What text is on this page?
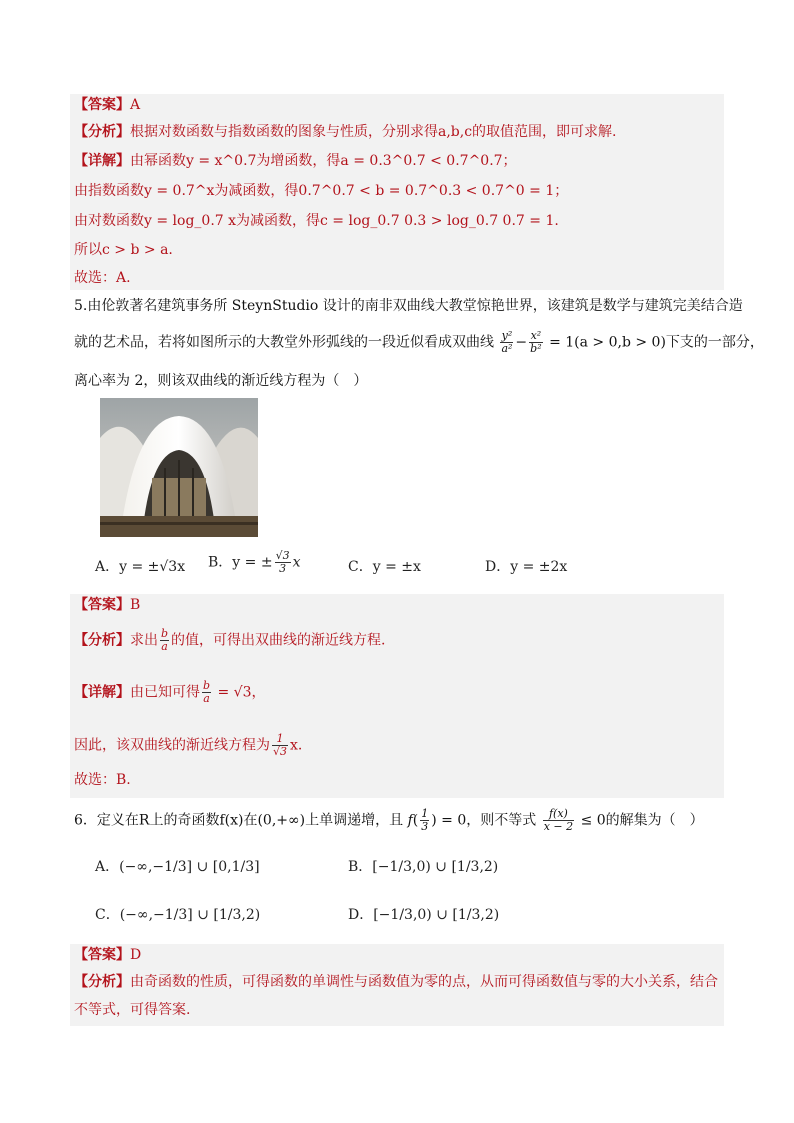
【答案】A
【分析】根据对数函数与指数函数的图象与性质，分别求得a,b,c的取值范围，即可求解.
【详解】由幂函数y = x^0.7为增函数，得a = 0.3^0.7 < 0.7^0.7；
由指数函数y = 0.7^x为减函数，得0.7^0.7 < b = 0.7^0.3 < 0.7^0 = 1；
由对数函数y = log_0.7 x为减函数，得c = log_0.7 0.3 > log_0.7 0.7 = 1.
所以c > b > a.
故选：A.
5.由伦敦著名建筑事务所 SteynStudio 设计的南非双曲线大教堂惊艳世界，该建筑是数学与建筑完美结合造
就的艺术品，若将如图所示的大教堂外形弧线的一段近似看成双曲线 $\frac{\text{y²}}{\text{a²}} - \frac{\text{x²}}{\text{b²}} = 1(a > 0,b > 0)$下支的一部分，
离心率为 2，则该双曲线的渐近线方程为（　）
A．y = ±√3x B．y = ± $\frac{√3}{3}$ x	C．y = ±x	D．y = ±2x
【答案】B
【分析】求出 $\frac{b}{a}$ 的值，可得出双曲线的渐近线方程.
【详解】由已知可得 $\frac{b}{a} = √3$，
因此，该双曲线的渐近线方程为 $\frac{1}{√3} x$.
故选：B.
6．定义在R上的奇函数f(x)在(0,+∞)上单调递增，且 $f( \frac{1}{3}$ ) = 0，则不等式 $\frac{f(x)}{x - 2} \le 0$的解集为（　）
A．(−∞,−1/3] ∪ [0,1/3]	B．[−1/3,0) ∪ [1/3,2)
C．(−∞,−1/3] ∪ [1/3,2)	D．[−1/3,0) ∪ [1/3,2)
【答案】D
【分析】由奇函数的性质，可得函数的单调性与函数值为零的点，从而可得函数值与零的大小关系，结合
不等式，可得答案.
